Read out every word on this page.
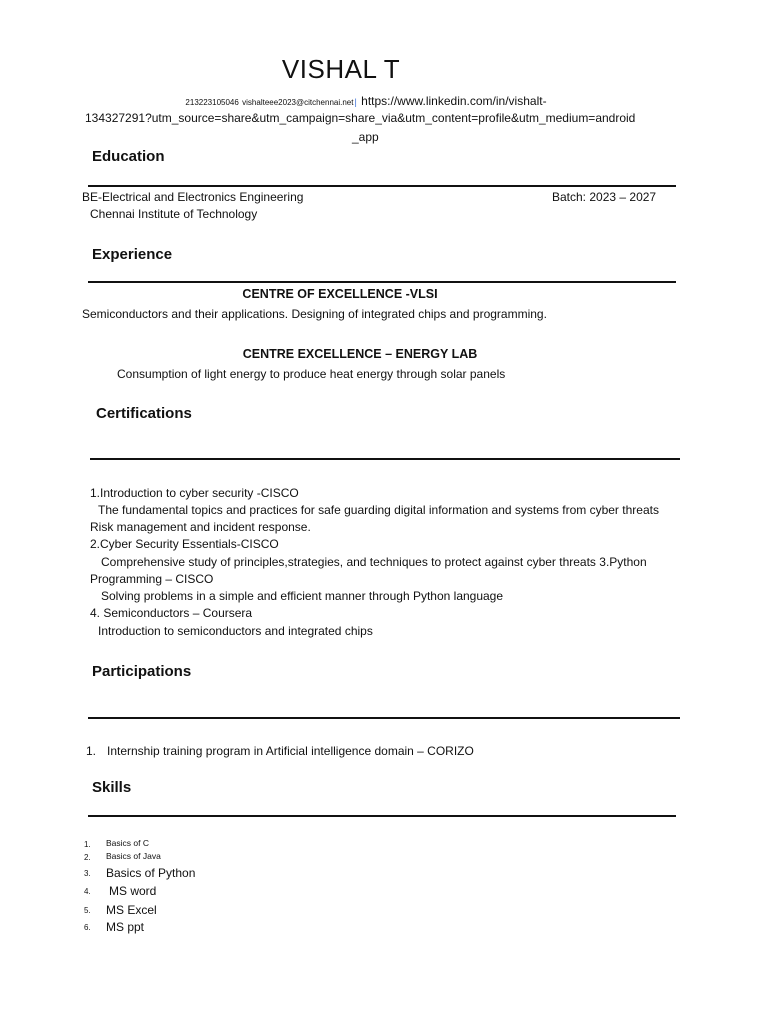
VISHAL T
213223105046 vishalteee2023@citchennai.net| https://www.linkedin.com/in/vishalt-
134327291?utm_source=share&utm_campaign=share_via&utm_content=profile&utm_medium=android
_app
Education
BE-Electrical and Electronics Engineering	Batch: 2023 – 2027
Chennai Institute of Technology
Experience
CENTRE OF EXCELLENCE -VLSI
Semiconductors and their applications. Designing of integrated chips and programming.
CENTRE EXCELLENCE – ENERGY LAB
Consumption of light energy to produce heat energy through solar panels
Certifications
1.Introduction to cyber security -CISCO
The fundamental topics and practices for safe guarding digital information and systems from cyber threats
Risk management and incident response.
2.Cyber Security Essentials-CISCO
Comprehensive study of principles,strategies, and techniques to protect against cyber threats 3.Python
Programming – CISCO
Solving problems in a simple and efficient manner through Python language
4. Semiconductors – Coursera
Introduction to semiconductors and integrated chips
Participations
1. Internship training program in Artificial intelligence domain – CORIZO
Skills
1. Basics of C
2. Basics of Java
3. Basics of Python
4. MS word
5. MS Excel
6. MS ppt
